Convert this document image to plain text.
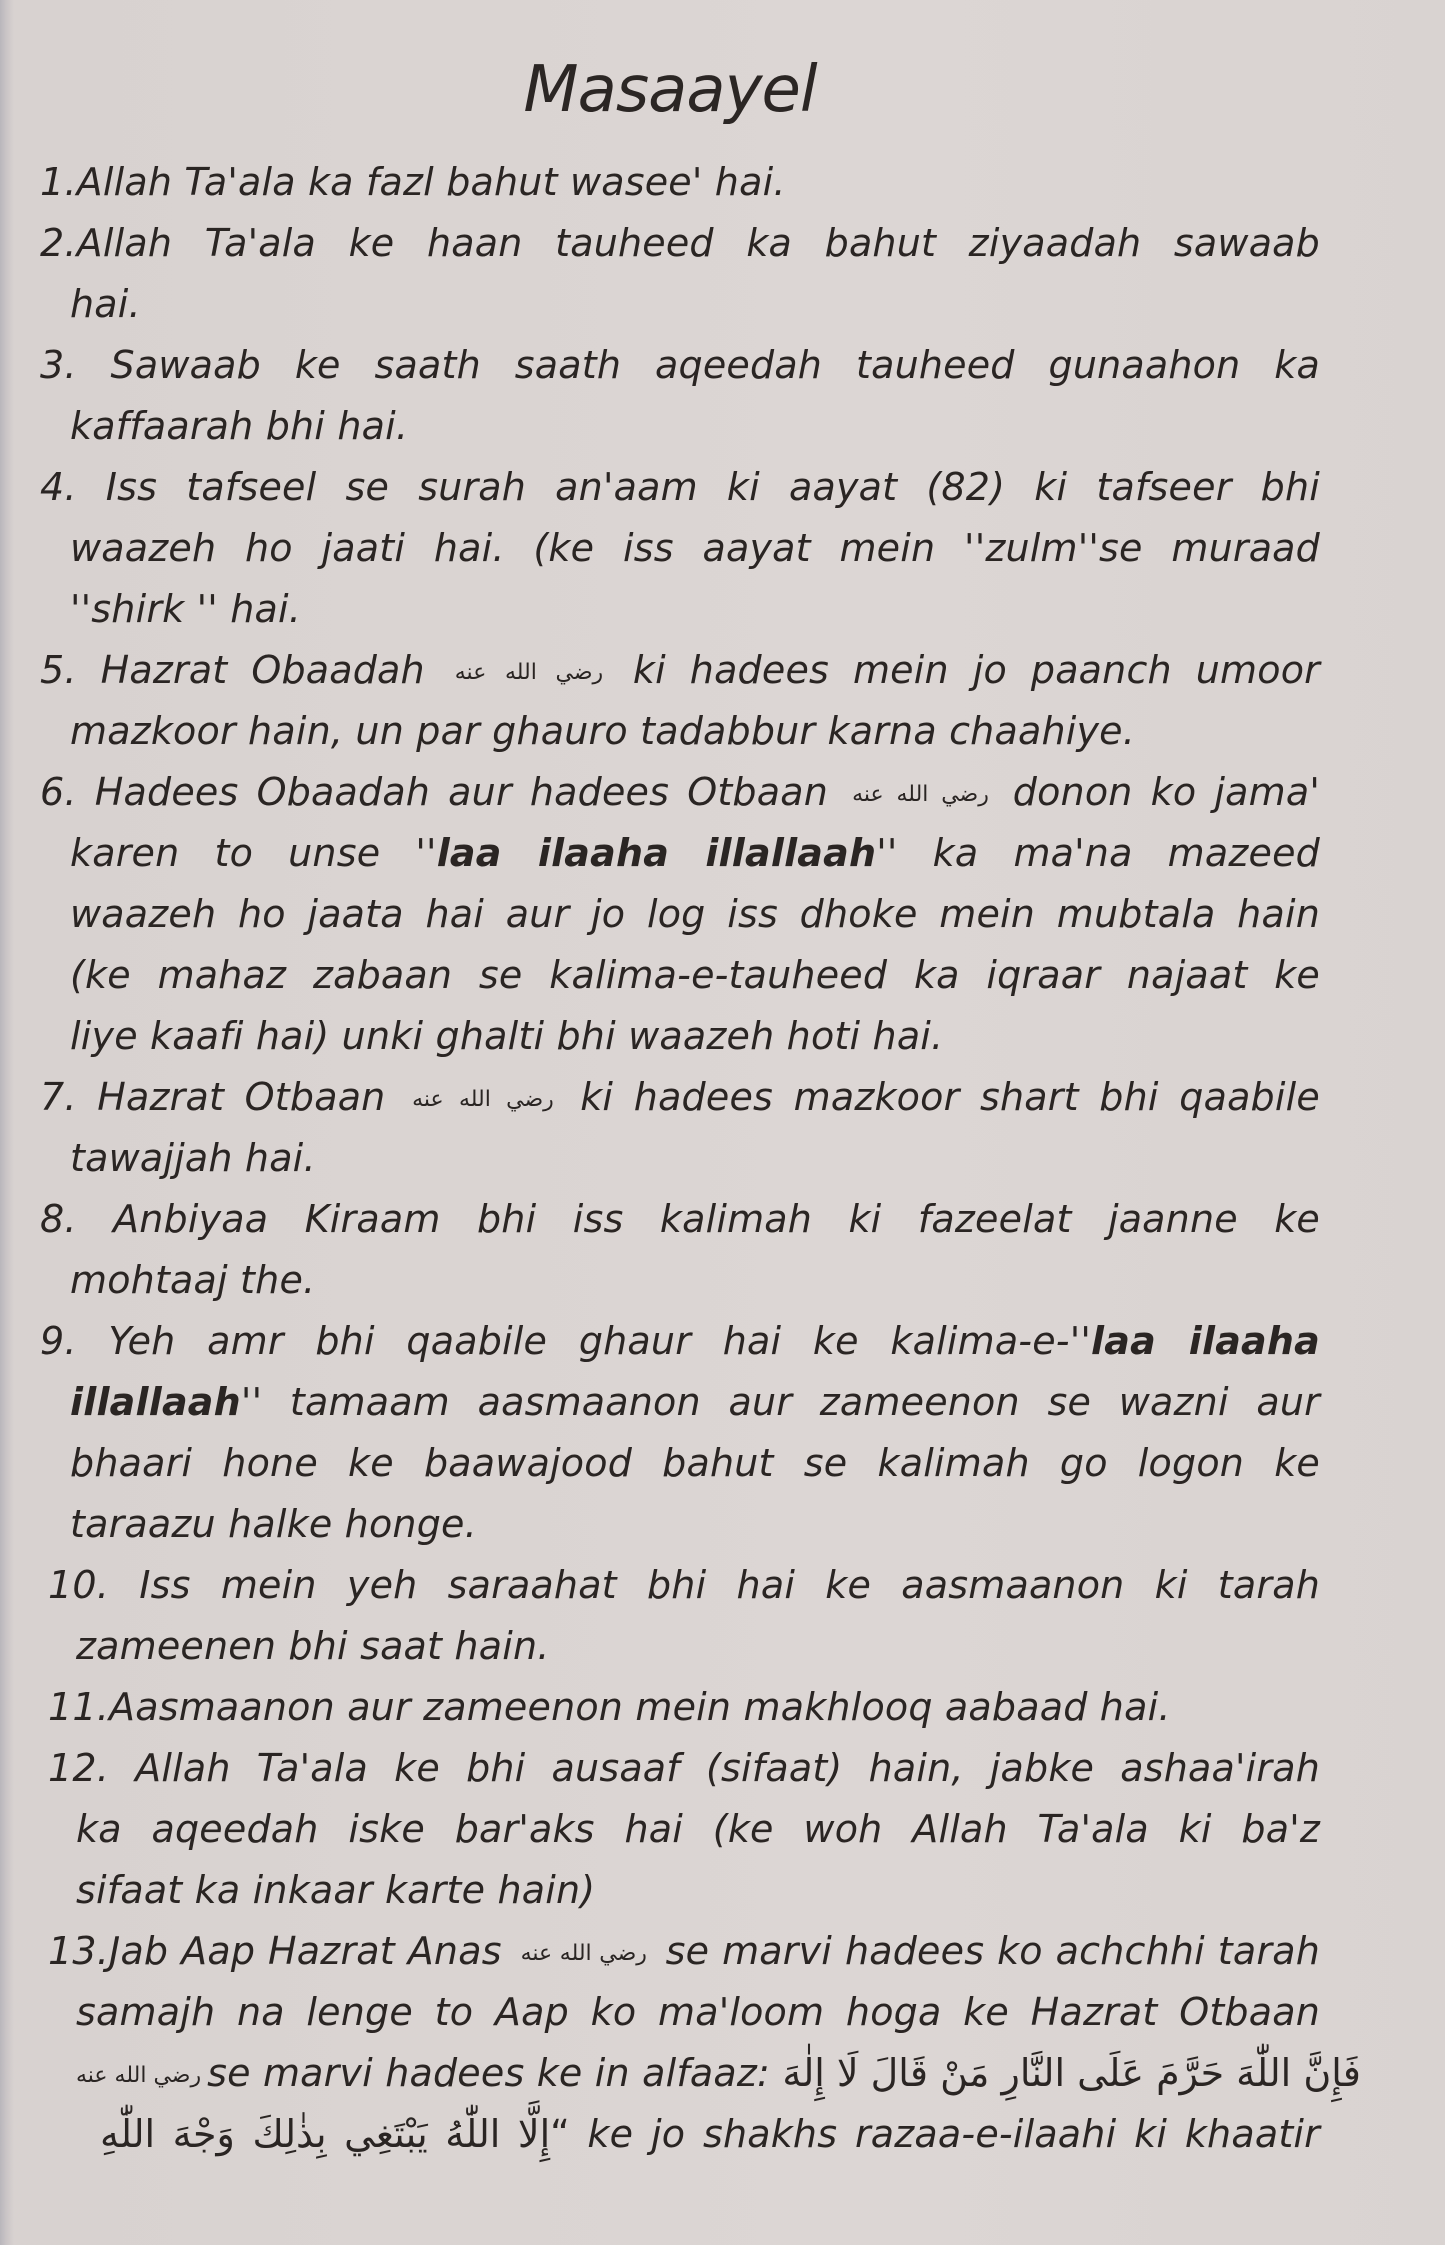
Masaayel
1.Allah Ta'ala ka fazl bahut wasee' hai.
2.Allah Ta'ala ke haan tauheed ka bahut ziyaadah sawaab
hai.
3. Sawaab ke saath saath aqeedah tauheed gunaahon ka
kaffaarah bhi hai.
4. Iss tafseel se surah an'aam ki aayat (82) ki tafseer bhi
waazeh ho jaati hai. (ke iss aayat mein ''zulm''se muraad
''shirk '' hai.
5. Hazrat Obaadah رضي الله عنه ki hadees mein jo paanch umoor
mazkoor hain, un par ghauro tadabbur karna chaahiye.
6. Hadees Obaadah aur hadees Otbaan رضي الله عنه donon ko jama'
karen to unse ''laa ilaaha illallaah'' ka ma'na mazeed
waazeh ho jaata hai aur jo log iss dhoke mein mubtala hain
(ke mahaz zabaan se kalima-e-tauheed ka iqraar najaat ke
liye kaafi hai) unki ghalti bhi waazeh hoti hai.
7. Hazrat Otbaan رضي الله عنه ki hadees mazkoor shart bhi qaabile
tawajjah hai.
8. Anbiyaa Kiraam bhi iss kalimah ki fazeelat jaanne ke
mohtaaj the.
9. Yeh amr bhi qaabile ghaur hai ke kalima-e-''laa ilaaha
illallaah'' tamaam aasmaanon aur zameenon se wazni aur
bhaari hone ke baawajood bahut se kalimah go logon ke
taraazu halke honge.
10. Iss mein yeh saraahat bhi hai ke aasmaanon ki tarah
zameenen bhi saat hain.
11.Aasmaanon aur zameenon mein makhlooq aabaad hai.
12. Allah Ta'ala ke bhi ausaaf (sifaat) hain, jabke ashaa'irah
ka aqeedah iske bar'aks hai (ke woh Allah Ta'ala ki ba'z
sifaat ka inkaar karte hain)
13.Jab Aap Hazrat Anas رضي الله عنه se marvi hadees ko achchhi tarah
samajh na lenge to Aap ko ma'loom hoga ke Hazrat Otbaan
رضي الله عنه se marvi hadees ke in alfaaz: فَإِنَّ اللّٰهَ حَرَّمَ عَلَى النَّارِ مَنْ قَالَ لَا إِلٰهَ
“إِلَّا اللّٰهُ يَبْتَغِي بِذٰلِكَ وَجْهَ اللّٰهِ ke jo shakhs razaa-e-ilaahi ki khaatir
